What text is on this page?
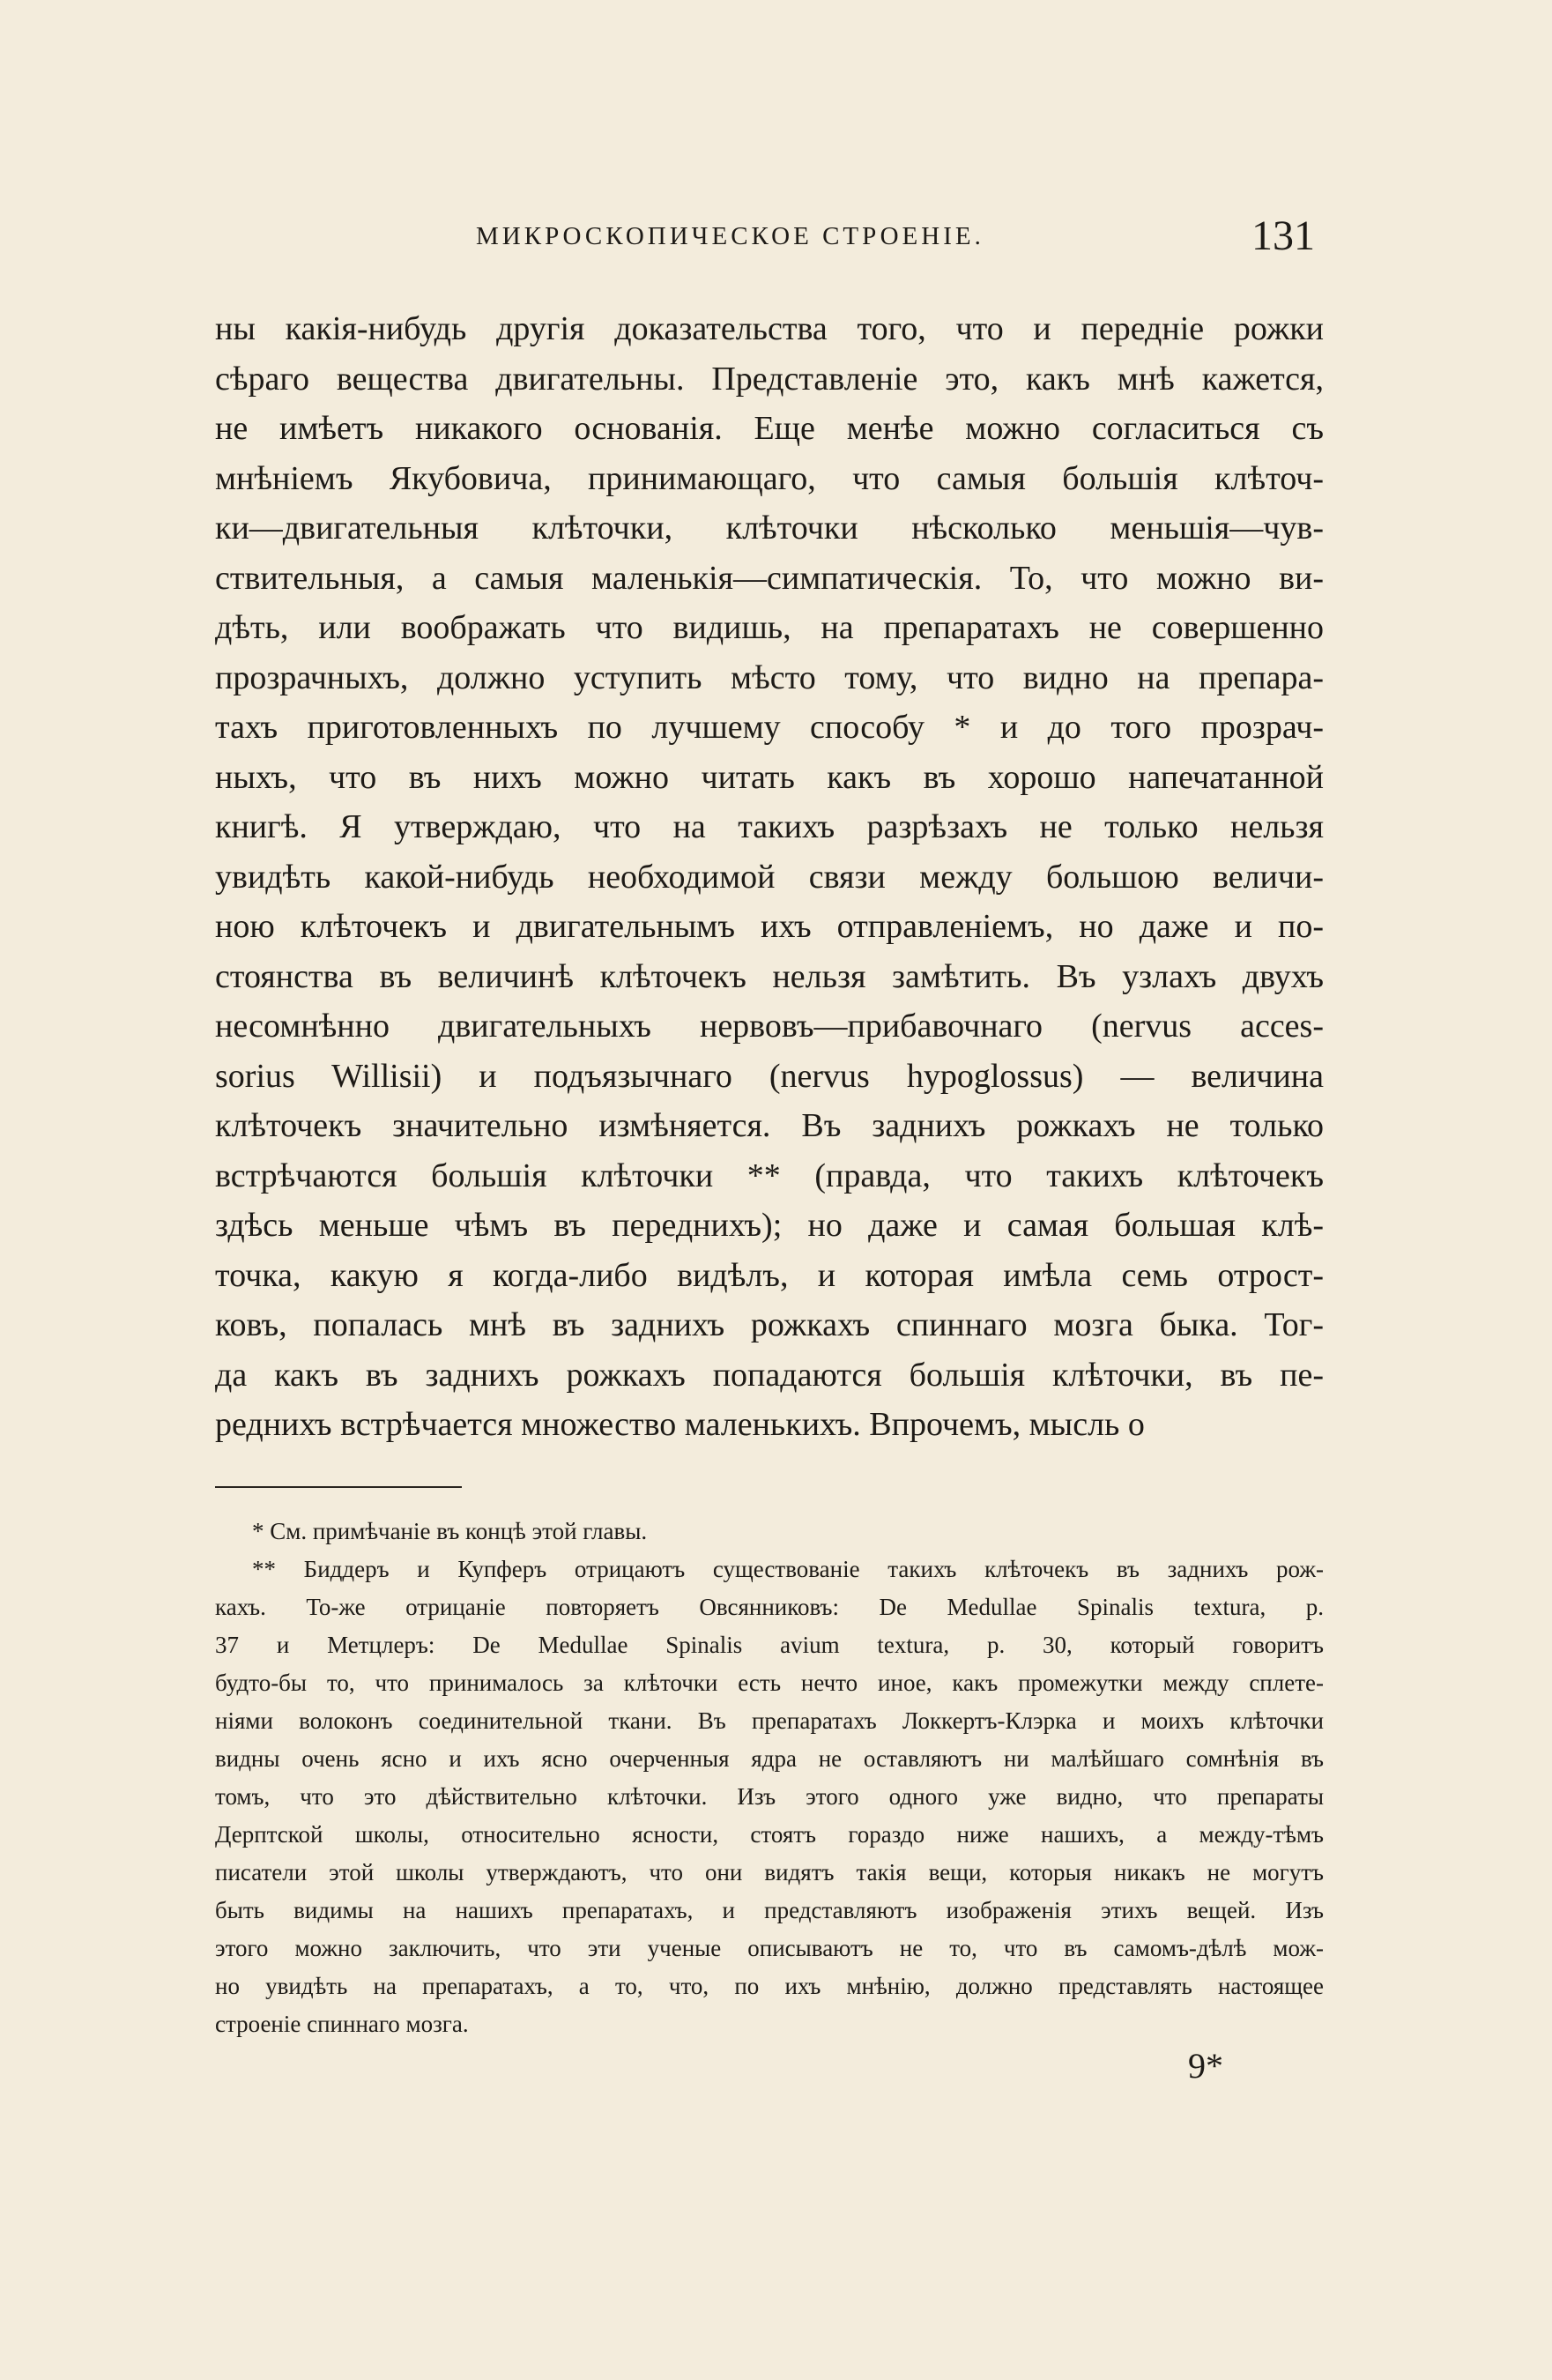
МИКРОСКОПИЧЕСКОЕ СТРОЕНІЕ.	131
ны какія-нибудь другія доказательства того, что и передніе рожки
сѣраго вещества двигательны. Представленіе это, какъ мнѣ кажется,
не имѣетъ никакого основанія. Еще менѣе можно согласиться съ
мнѣніемъ Якубовича, принимающаго, что самыя большія клѣточ-
ки—двигательныя клѣточки, клѣточки нѣсколько меньшія—чув-
ствительныя, а самыя маленькія—симпатическія. То, что можно ви-
дѣть, или воображать что видишь, на препаратахъ не совершенно
прозрачныхъ, должно уступить мѣсто тому, что видно на препара-
тахъ приготовленныхъ по лучшему способу * и до того прозрач-
ныхъ, что въ нихъ можно читать какъ въ хорошо напечатанной
книгѣ. Я утверждаю, что на такихъ разрѣзахъ не только нельзя
увидѣть какой-нибудь необходимой связи между большою величи-
ною клѣточекъ и двигательнымъ ихъ отправленіемъ, но даже и по-
стоянства въ величинѣ клѣточекъ нельзя замѣтить. Въ узлахъ двухъ
несомнѣнно двигательныхъ нервовъ—прибавочнаго (nervus acces-
sorius Willisii) и подъязычнаго (nervus hypoglossus) — величина
клѣточекъ значительно измѣняется. Въ заднихъ рожкахъ не только
встрѣчаются большія клѣточки ** (правда, что такихъ клѣточекъ
здѣсь меньше чѣмъ въ переднихъ); но даже и самая большая клѣ-
точка, какую я когда-либо видѣлъ, и которая имѣла семь отрост-
ковъ, попалась мнѣ въ заднихъ рожкахъ спиннаго мозга быка. Тог-
да какъ въ заднихъ рожкахъ попадаются большія клѣточки, въ пе-
реднихъ встрѣчается множество маленькихъ. Впрочемъ, мысль о
* См. примѣчаніе въ концѣ этой главы.
** Биддеръ и Купферъ отрицаютъ существованіе такихъ клѣточекъ въ заднихъ рож-
кахъ. То-же отрицаніе повторяетъ Овсянниковъ: De Medullae Spinalis textura, p.
37 и Метцлеръ: De Medullae Spinalis avium textura, p. 30, который говоритъ
будто-бы то, что принималось за клѣточки есть нечто иное, какъ промежутки между сплете-
ніями волоконъ соединительной ткани. Въ препаратахъ Локкертъ-Клэрка и моихъ клѣточки
видны очень ясно и ихъ ясно очерченныя ядра не оставляютъ ни малѣйшаго сомнѣнія въ
томъ, что это дѣйствительно клѣточки. Изъ этого одного уже видно, что препараты
Дерптской школы, относительно ясности, стоятъ гораздо ниже нашихъ, а между-тѣмъ
писатели этой школы утверждаютъ, что они видятъ такія вещи, которыя никакъ не могутъ
быть видимы на нашихъ препаратахъ, и представляютъ изображенія этихъ вещей. Изъ
этого можно заключить, что эти ученые описываютъ не то, что въ самомъ-дѣлѣ мож-
но увидѣть на препаратахъ, а то, что, по ихъ мнѣнію, должно представлять настоящее
строеніе спиннаго мозга.
9*
